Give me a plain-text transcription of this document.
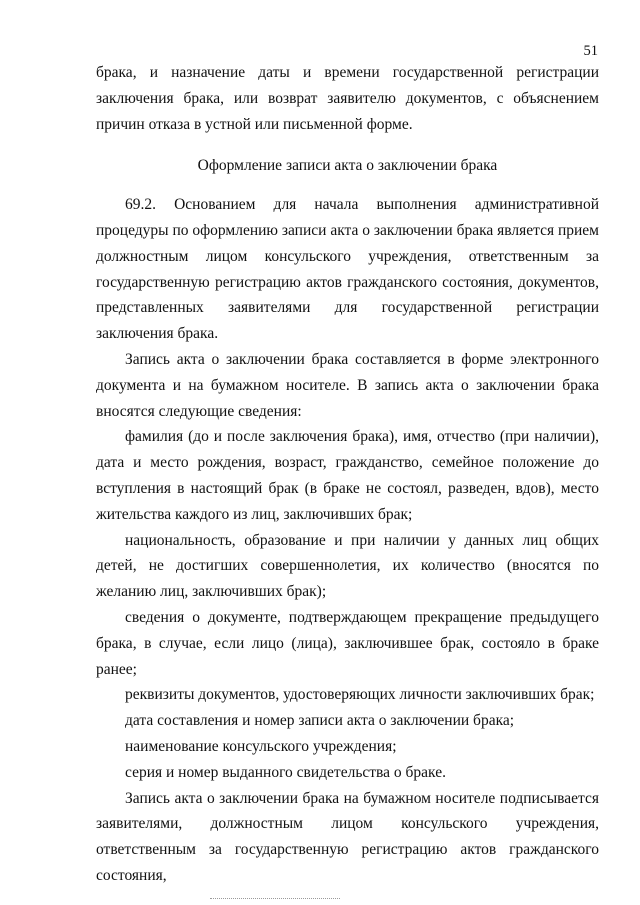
51

брака, и назначение даты и времени государственной регистрации заключения брака, или возврат заявителю документов, с объяснением причин отказа в устной или письменной форме.

Оформление записи акта о заключении брака

69.2. Основанием для начала выполнения административной процедуры по оформлению записи акта о заключении брака является прием должностным лицом консульского учреждения, ответственным за государственную регистрацию актов гражданского состояния, документов, представленных заявителями для государственной регистрации заключения брака.

Запись акта о заключении брака составляется в форме электронного документа и на бумажном носителе. В запись акта о заключении брака вносятся следующие сведения:

фамилия (до и после заключения брака), имя, отчество (при наличии), дата и место рождения, возраст, гражданство, семейное положение до вступления в настоящий брак (в браке не состоял, разведен, вдов), место жительства каждого из лиц, заключивших брак;

национальность, образование и при наличии у данных лиц общих детей, не достигших совершеннолетия, их количество (вносятся по желанию лиц, заключивших брак);

сведения о документе, подтверждающем прекращение предыдущего брака, в случае, если лицо (лица), заключившее брак, состояло в браке ранее;

реквизиты документов, удостоверяющих личности заключивших брак;

дата составления и номер записи акта о заключении брака;

наименование консульского учреждения;

серия и номер выданного свидетельства о браке.

Запись акта о заключении брака на бумажном носителе подписывается заявителями, должностным лицом консульского учреждения, ответственным за государственную регистрацию актов гражданского состояния,
